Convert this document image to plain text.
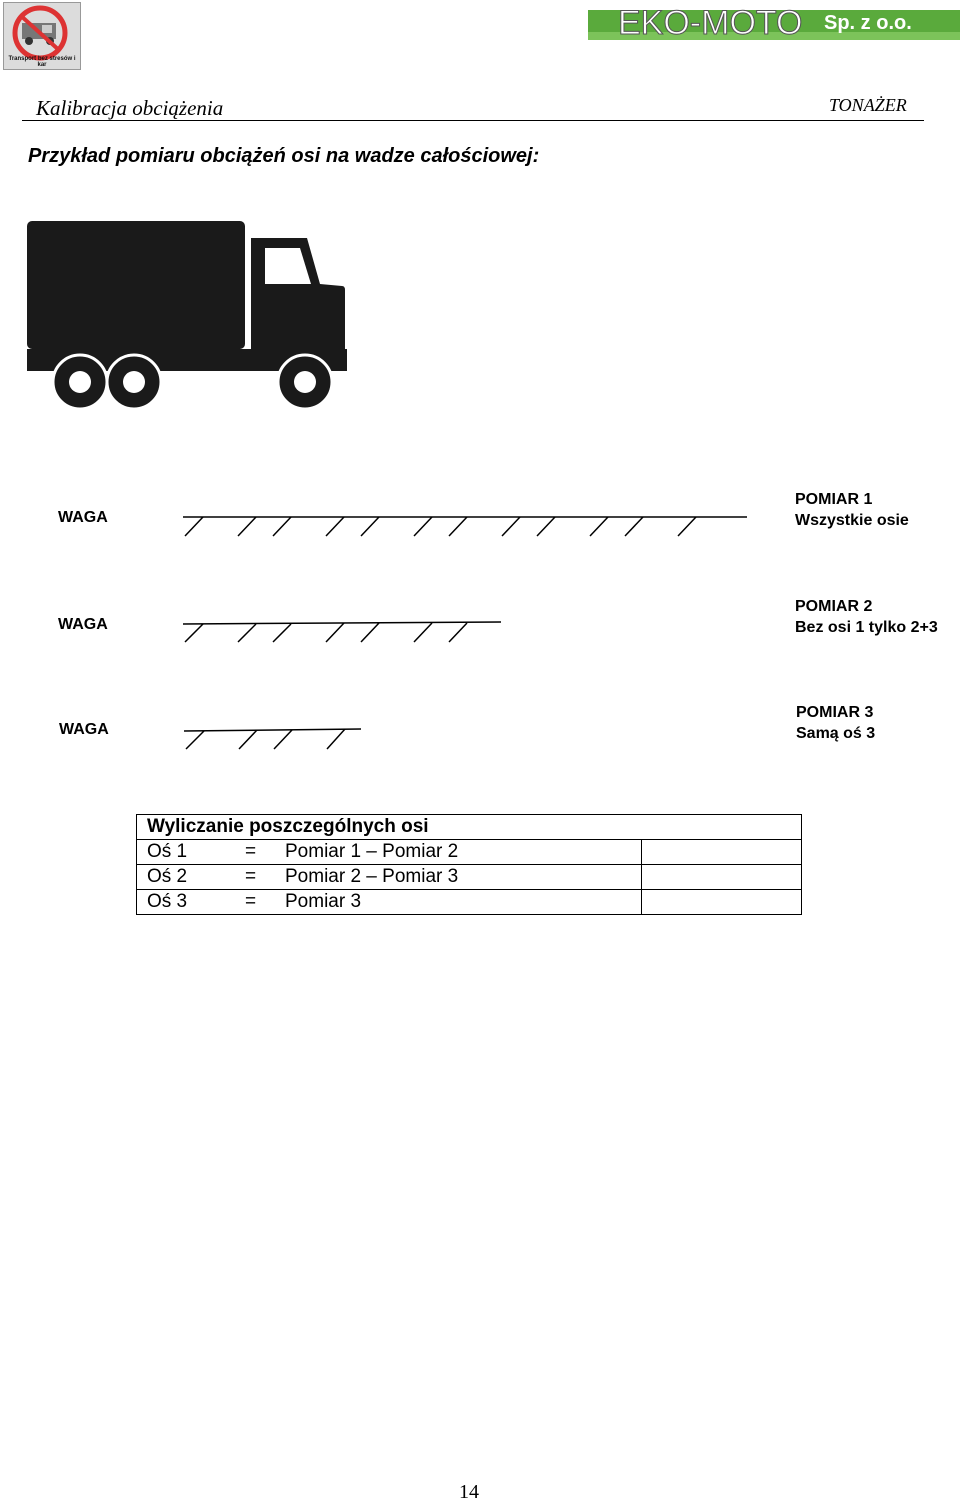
Transport bez stresów i kar
EKO-MOTO Sp. z o.o.
Kalibracja obciążenia	TONAŻER
Przykład pomiaru obciążeń osi na wadze całościowej:
WAGA
POMIAR 1
Wszystkie osie
WAGA
POMIAR 2
Bez osi 1 tylko 2+3
WAGA
POMIAR 3
Samą oś 3
Wyliczanie poszczególnych osi	
Oś 1 = Pomiar 1 – Pomiar 2	
Oś 2 = Pomiar 2 – Pomiar 3	
Oś 3 = Pomiar 3	
14
